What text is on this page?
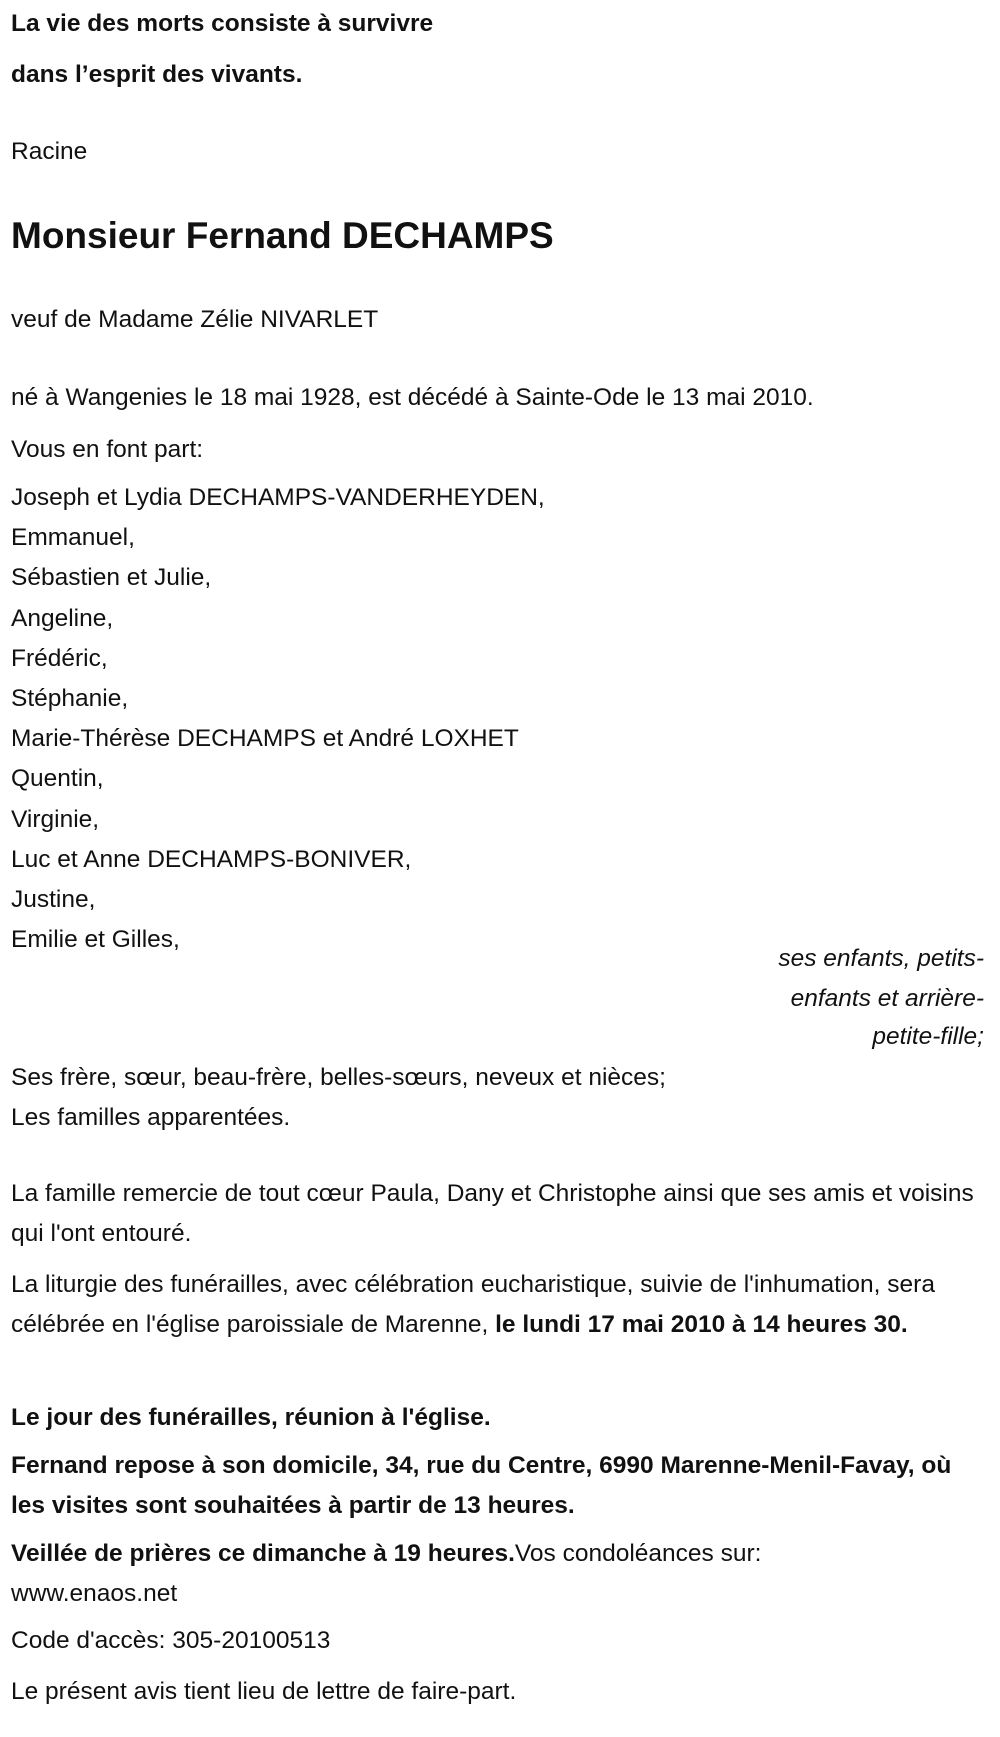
La vie des morts consiste à survivre
dans l’esprit des vivants.
Racine
Monsieur Fernand DECHAMPS
veuf de Madame Zélie NIVARLET
né à Wangenies le 18 mai 1928, est décédé à Sainte-Ode le 13 mai 2010.
Vous en font part:
Joseph et Lydia DECHAMPS-VANDERHEYDEN,
Emmanuel,
Sébastien et Julie,
Angeline,
Frédéric,
Stéphanie,
Marie-Thérèse DECHAMPS et André LOXHET
Quentin,
Virginie,
Luc et Anne DECHAMPS-BONIVER,
Justine,
Emilie et Gilles,
ses enfants, petits-
enfants et arrière-
petite-fille;
Ses frère, sœur, beau-frère, belles-sœurs, neveux et nièces;
Les familles apparentées.
La famille remercie de tout cœur Paula, Dany et Christophe ainsi que ses amis et voisins qui l'ont entouré.
La liturgie des funérailles, avec célébration eucharistique, suivie de l'inhumation, sera célébrée en l'église paroissiale de Marenne, le lundi 17 mai 2010 à 14 heures 30.
Le jour des funérailles, réunion à l'église.
Fernand repose à son domicile, 34, rue du Centre, 6990 Marenne-Menil-Favay, où les visites sont souhaitées à partir de 13 heures.
Veillée de prières ce dimanche à 19 heures.Vos condoléances sur:
www.enaos.net
Code d'accès: 305-20100513
Le présent avis tient lieu de lettre de faire-part.
